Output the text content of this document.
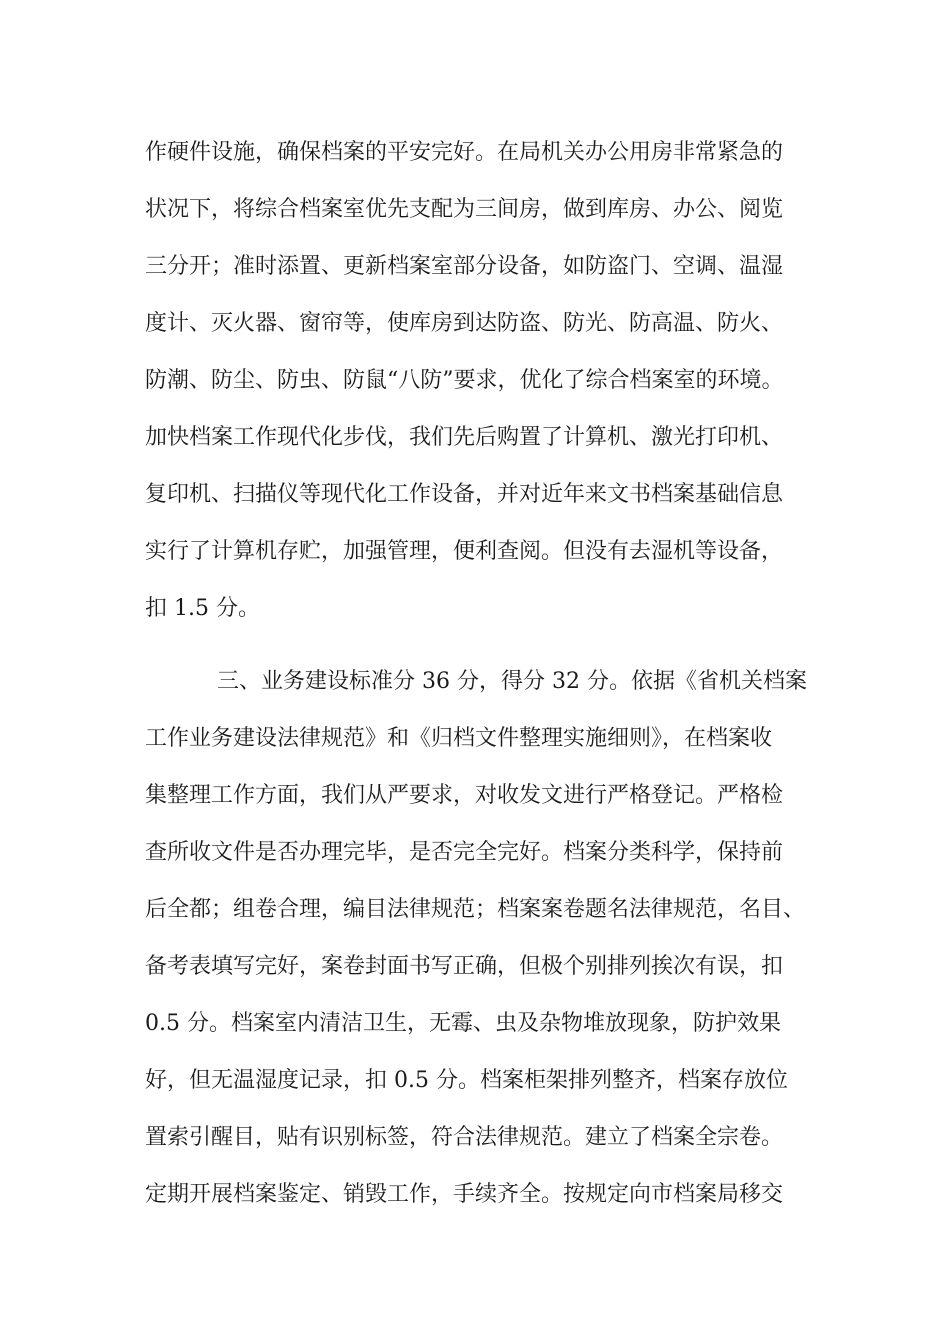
作硬件设施，确保档案的平安完好。在局机关办公用房非常紧急的
状况下，将综合档案室优先支配为三间房，做到库房、办公、阅览
三分开；准时添置、更新档案室部分设备，如防盗门、空调、温湿
度计、灭火器、窗帘等，使库房到达防盗、防光、防高温、防火、
防潮、防尘、防虫、防鼠“八防”要求，优化了综合档案室的环境。
加快档案工作现代化步伐，我们先后购置了计算机、激光打印机、
复印机、扫描仪等现代化工作设备，并对近年来文书档案基础信息
实行了计算机存贮，加强管理，便利查阅。但没有去湿机等设备，
扣 1.5 分。
三、业务建设标准分 36 分，得分 32 分。依据《省机关档案
工作业务建设法律规范》和《归档文件整理实施细则》，在档案收
集整理工作方面，我们从严要求，对收发文进行严格登记。严格检
查所收文件是否办理完毕，是否完全完好。档案分类科学，保持前
后全都；组卷合理，编目法律规范；档案案卷题名法律规范，名目、
备考表填写完好，案卷封面书写正确，但极个别排列挨次有误，扣
0.5 分。档案室内清洁卫生，无霉、虫及杂物堆放现象，防护效果
好，但无温湿度记录，扣 0.5 分。档案柜架排列整齐，档案存放位
置索引醒目，贴有识别标签，符合法律规范。建立了档案全宗卷。
定期开展档案鉴定、销毁工作，手续齐全。按规定向市档案局移交
